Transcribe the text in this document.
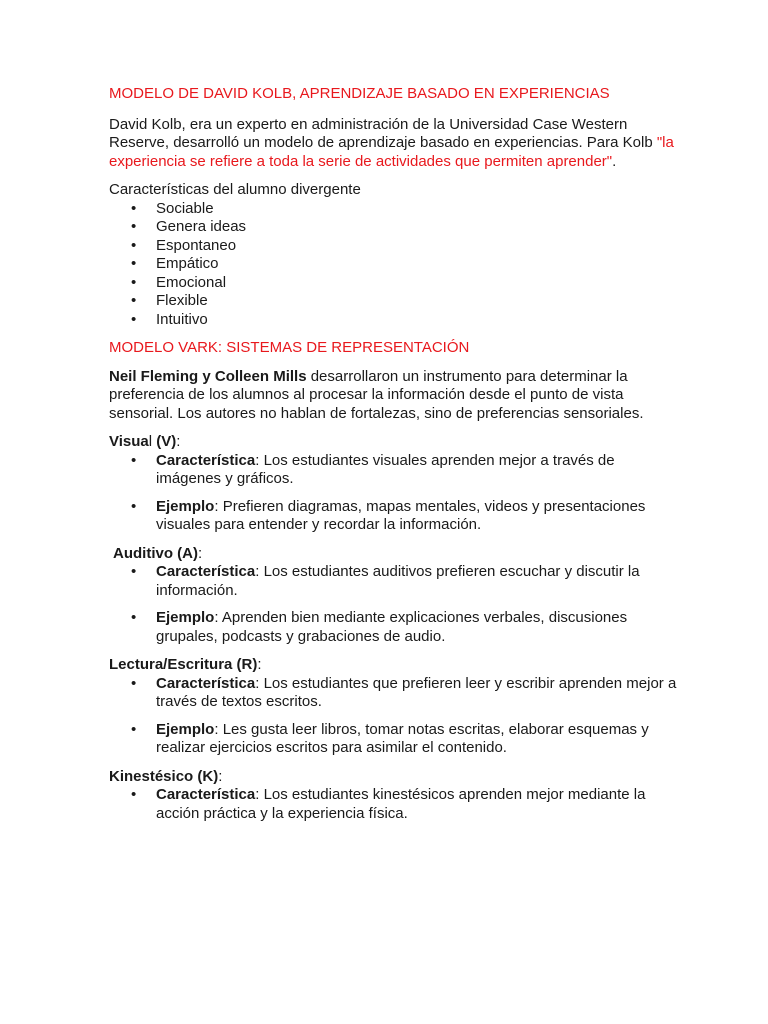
MODELO DE DAVID KOLB, APRENDIZAJE BASADO EN EXPERIENCIAS

David Kolb, era un experto en administración de la Universidad Case Western Reserve, desarrolló un modelo de aprendizaje basado en experiencias. Para Kolb "la experiencia se refiere a toda la serie de actividades que permiten aprender".

Características del alumno divergente

• Sociable
• Genera ideas
• Espontaneo
• Empático
• Emocional
• Flexible
• Intuitivo
MODELO VARK: SISTEMAS DE REPRESENTACIÓN

Neil Fleming y Colleen Mills desarrollaron un instrumento para determinar la preferencia de los alumnos al procesar la información desde el punto de vista sensorial. Los autores no hablan de fortalezas, sino de preferencias sensoriales.

Visual (V):

• Característica: Los estudiantes visuales aprenden mejor a través de imágenes y gráficos.
• Ejemplo: Prefieren diagramas, mapas mentales, videos y presentaciones visuales para entender y recordar la información.

Auditivo (A):

• Característica: Los estudiantes auditivos prefieren escuchar y discutir la información.
• Ejemplo: Aprenden bien mediante explicaciones verbales, discusiones grupales, podcasts y grabaciones de audio.

Lectura/Escritura (R):

• Característica: Los estudiantes que prefieren leer y escribir aprenden mejor a través de textos escritos.
• Ejemplo: Les gusta leer libros, tomar notas escritas, elaborar esquemas y realizar ejercicios escritos para asimilar el contenido.

Kinestésico (K):

• Característica: Los estudiantes kinestésicos aprenden mejor mediante la acción práctica y la experiencia física.
